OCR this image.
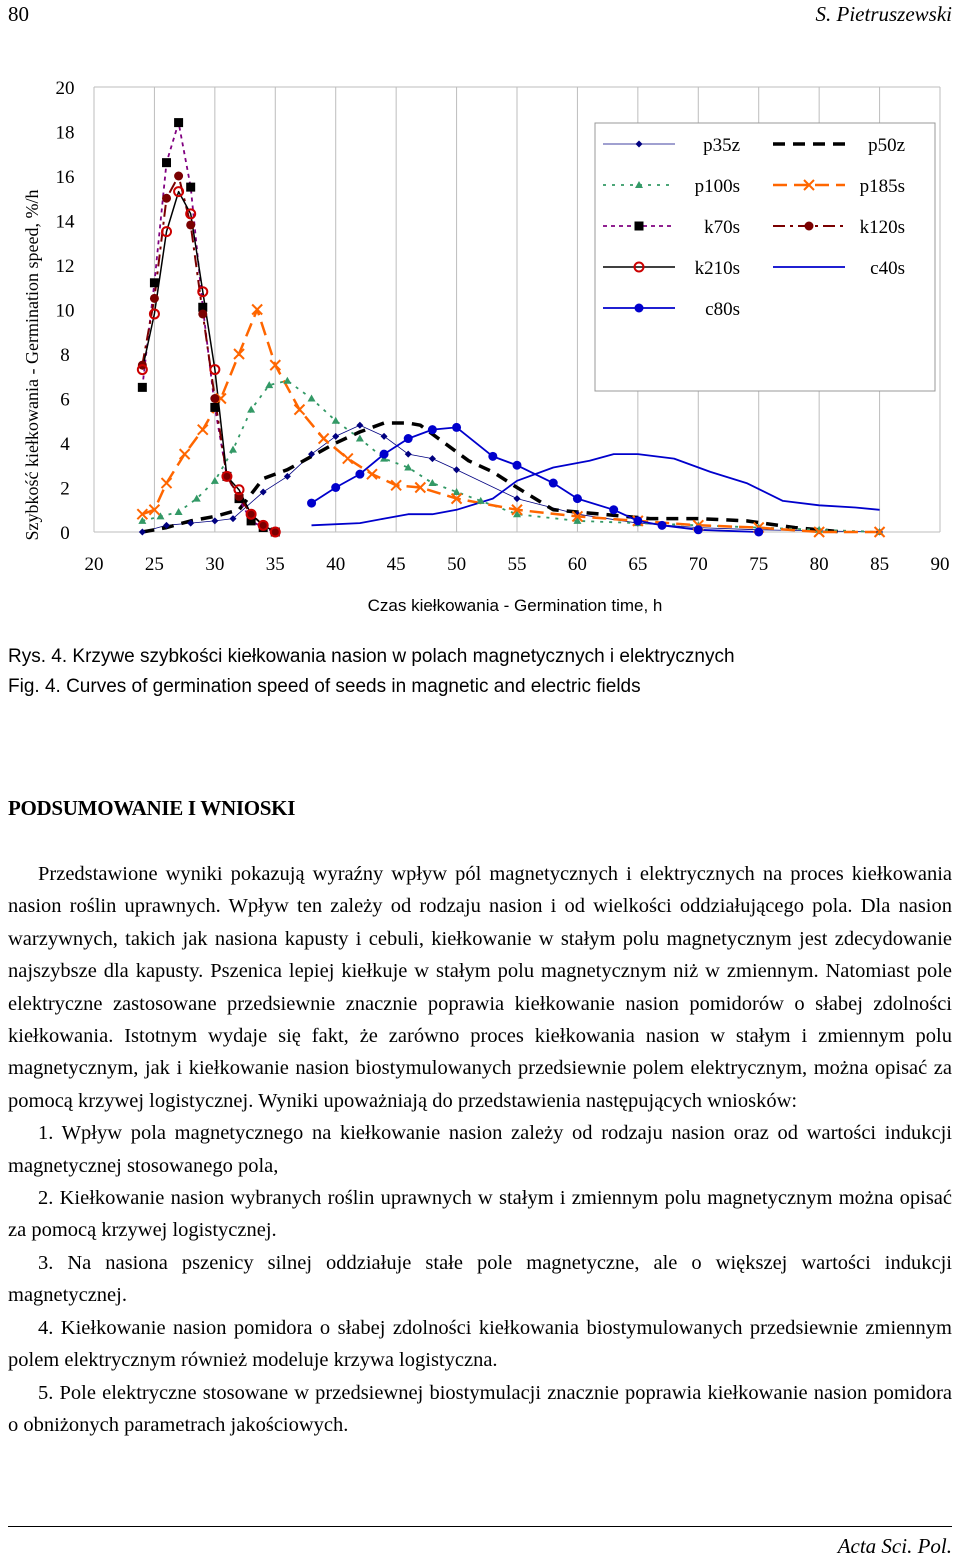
80	S. Pietruszewski
20 25 30 35 40 45 50 55 60 65 70 75 80 85 90
0
2
4
6
8
10
12
14
16
18
20
p35z	p50z
p100s	p185s
k70s	k120s
k210s	c40s
c80s
Szybkość kiełkowania - Germination speed, %/h
Czas kiełkowania - Germination time, h
Rys. 4. Krzywe szybkości kiełkowania nasion w polach magnetycznych i elektrycznych
Fig. 4. Curves of germination speed of seeds in magnetic and electric fields
PODSUMOWANIE I WNIOSKI

Przedstawione wyniki pokazują wyraźny wpływ pól magnetycznych i elektrycznych na proces kiełkowania nasion roślin uprawnych. Wpływ ten zależy od rodzaju nasion i od wielkości oddziałującego pola. Dla nasion warzywnych, takich jak nasiona kapusty i cebuli, kiełkowanie w stałym polu magnetycznym jest zdecydowanie najszybsze dla kapusty. Pszenica lepiej kiełkuje w stałym polu magnetycznym niż w zmiennym. Natomiast pole elektryczne zastosowane przedsiewnie znacznie poprawia kiełkowanie nasion pomidorów o słabej zdolności kiełkowania. Istotnym wydaje się fakt, że zarówno proces kiełkowania nasion w stałym i zmiennym polu magnetycznym, jak i kiełkowanie nasion biostymulowanych przedsiewnie polem elektrycznym, można opisać za pomocą krzywej logistycznej. Wyniki upoważniają do przedstawienia następujących wniosków:

1. Wpływ pola magnetycznego na kiełkowanie nasion zależy od rodzaju nasion oraz od wartości indukcji magnetycznej stosowanego pola,

2. Kiełkowanie nasion wybranych roślin uprawnych w stałym i zmiennym polu magnetycznym można opisać za pomocą krzywej logistycznej.

3. Na nasiona pszenicy silnej oddziałuje stałe pole magnetyczne, ale o większej wartości indukcji magnetycznej.

4. Kiełkowanie nasion pomidora o słabej zdolności kiełkowania biostymulowanych przedsiewnie zmiennym polem elektrycznym również modeluje krzywa logistyczna.

5. Pole elektryczne stosowane w przedsiewnej biostymulacji znacznie poprawia kiełkowanie nasion pomidora o obniżonych parametrach jakościowych.

Acta Sci. Pol.
